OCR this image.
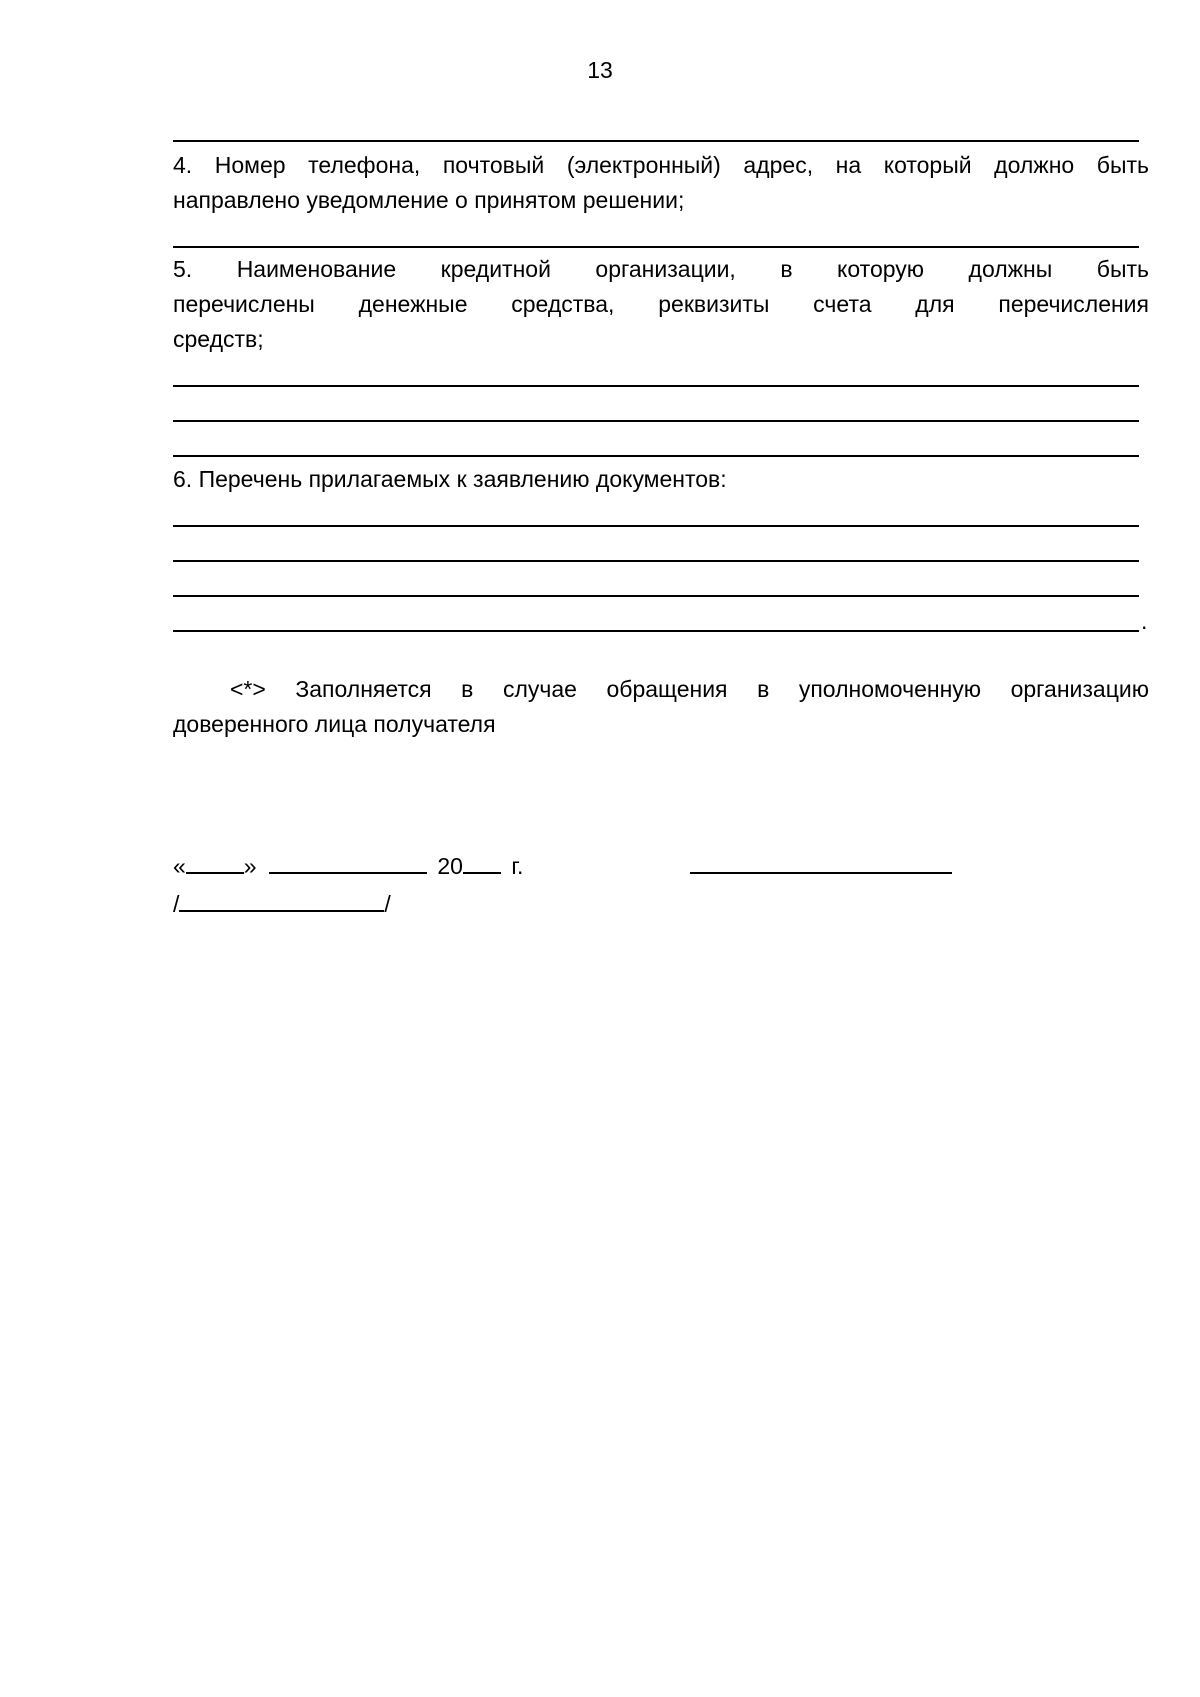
13
4. Номер телефона, почтовый (электронный) адрес, на который должно быть
направлено уведомление о принятом решении;
5. Наименование кредитной организации, в которую должны быть
перечислены денежные средства, реквизиты счета для перечисления
средств;
6. Перечень прилагаемых к заявлению документов:
.
<*> Заполняется в случае обращения в уполномоченную организацию
доверенного лица получателя
«	»	20 г.
/	/
